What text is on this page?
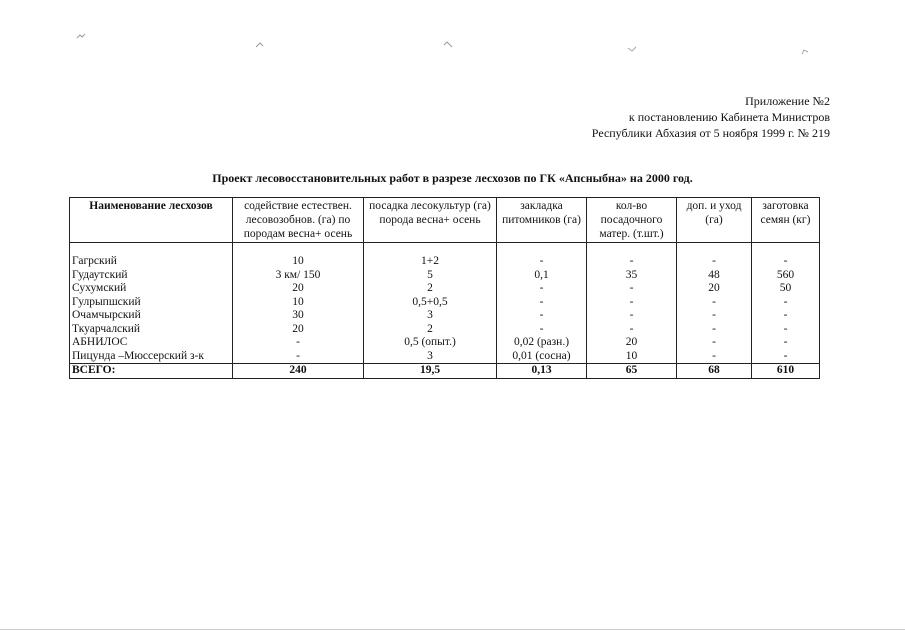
Приложение №2
к постановлению Кабинета Министров
Республики Абхазия от 5 ноября 1999 г. № 219
Проект лесовосстановительных работ в разрезе лесхозов по ГК «Апсныбна» на 2000 год.
Наименование лесхозов	содействие естествен. лесовозобнов. (га) по породам весна+ осень	посадка лесокультур (га) порода весна+ осень	закладка питомников (га)	кол-во посадочного матер. (т.шт.)	доп. и уход (га)	заготовка семян (кг)

Гагрский	10	1+2	-	-	-	-
Гудаутский	3 км/ 150	5	0,1	35	48	560
Сухумский	20	2	-	-	20	50
Гулрыпшский	10	0,5+0,5	-	-	-	-
Очамчырский	30	3	-	-	-	-
Ткуарчалский	20	2	-	-	-	-
АБНИЛОС	-	0,5 (опыт.)	0,02 (разн.)	20	-	-
Пицунда –Мюссерский з-к	-	3	0,01 (сосна)	10	-	-
ВСЕГО:	240	19,5	0,13	65	68	610
